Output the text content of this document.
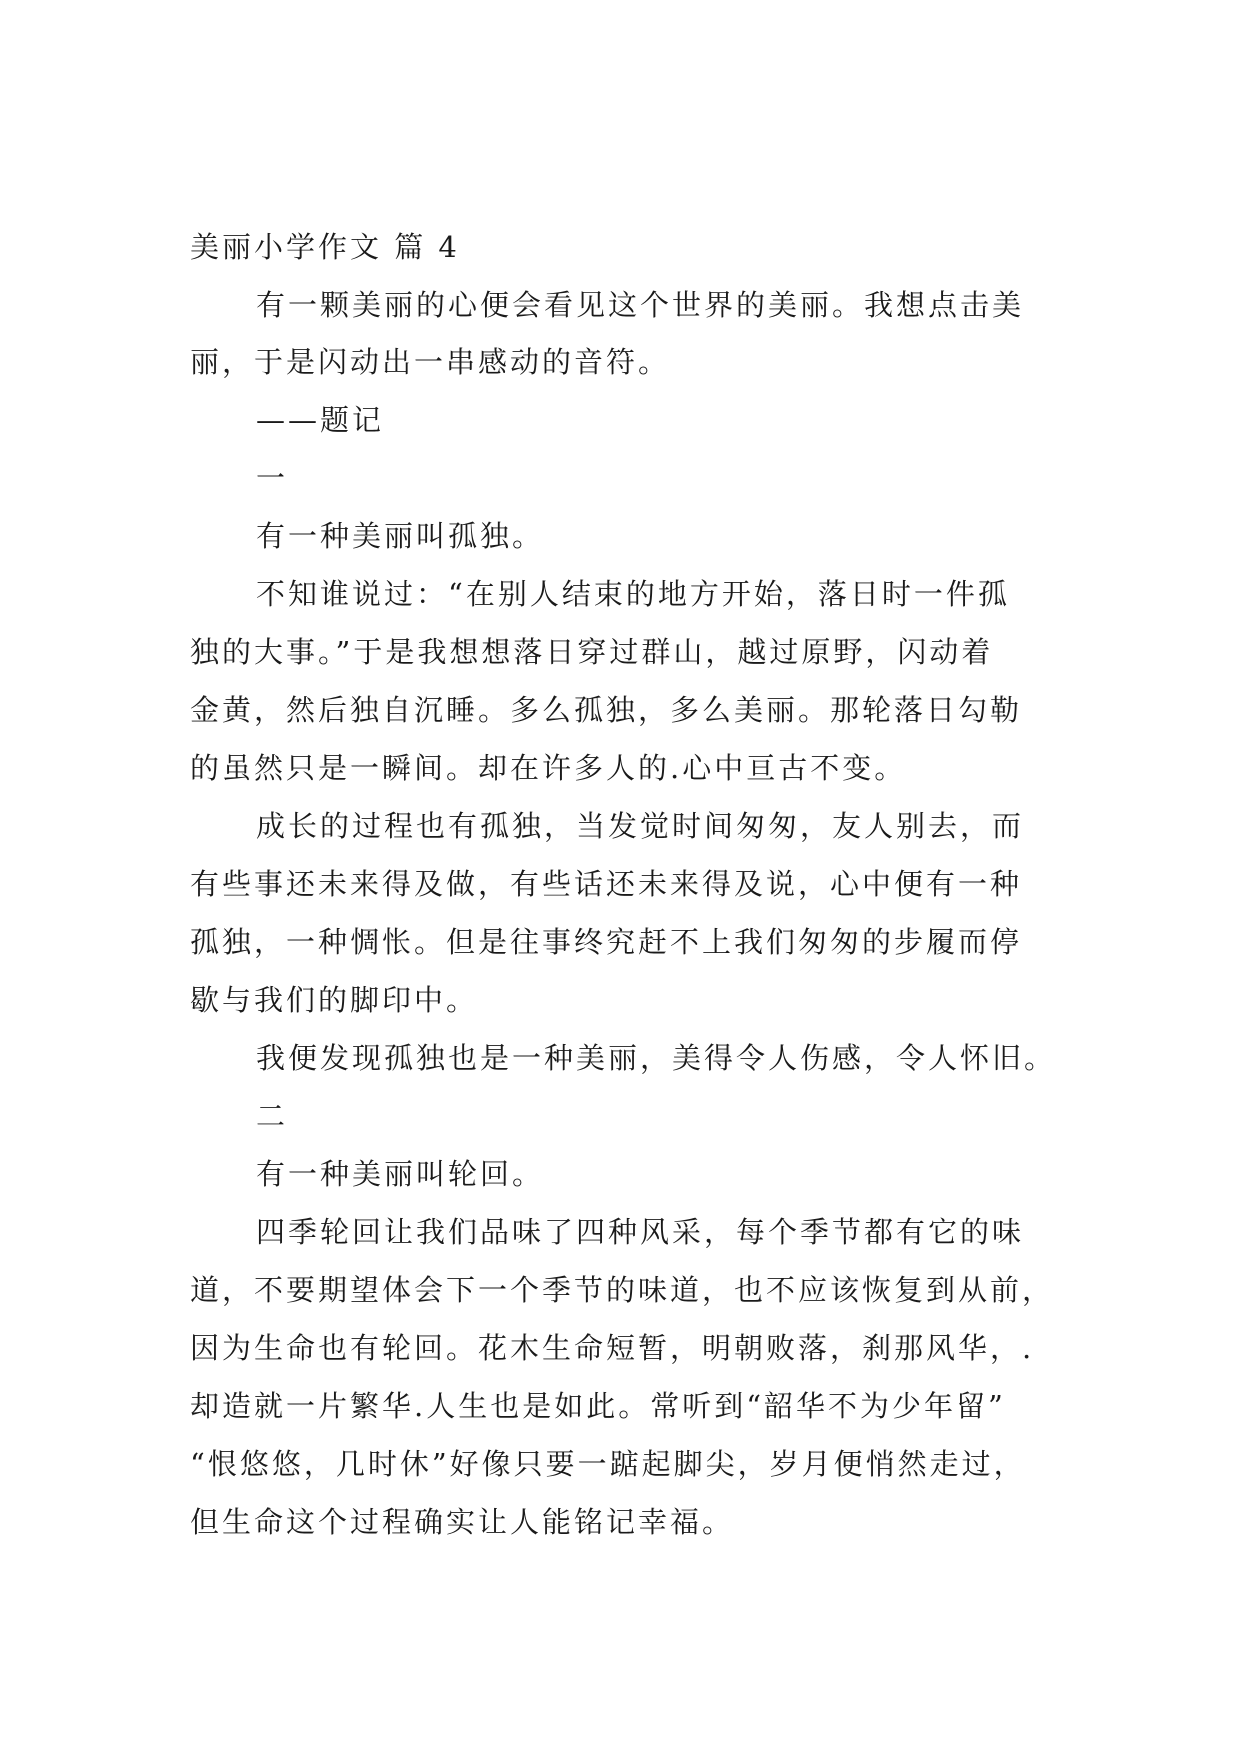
美丽小学作文 篇 4
有一颗美丽的心便会看见这个世界的美丽。我想点击美
丽，于是闪动出一串感动的音符。
——题记
一
有一种美丽叫孤独。
不知谁说过：“在别人结束的地方开始，落日时一件孤
独的大事。”于是我想想落日穿过群山，越过原野，闪动着
金黄，然后独自沉睡。多么孤独，多么美丽。那轮落日勾勒
的虽然只是一瞬间。却在许多人的.心中亘古不变。
成长的过程也有孤独，当发觉时间匆匆，友人别去，而
有些事还未来得及做，有些话还未来得及说，心中便有一种
孤独，一种惆怅。但是往事终究赶不上我们匆匆的步履而停
歇与我们的脚印中。
我便发现孤独也是一种美丽，美得令人伤感，令人怀旧。
二
有一种美丽叫轮回。
四季轮回让我们品味了四种风采，每个季节都有它的味
道，不要期望体会下一个季节的味道，也不应该恢复到从前，
因为生命也有轮回。花木生命短暂，明朝败落，刹那风华，.
却造就一片繁华.人生也是如此。常听到“韶华不为少年留”
“恨悠悠，几时休”好像只要一踮起脚尖，岁月便悄然走过，
但生命这个过程确实让人能铭记幸福。
